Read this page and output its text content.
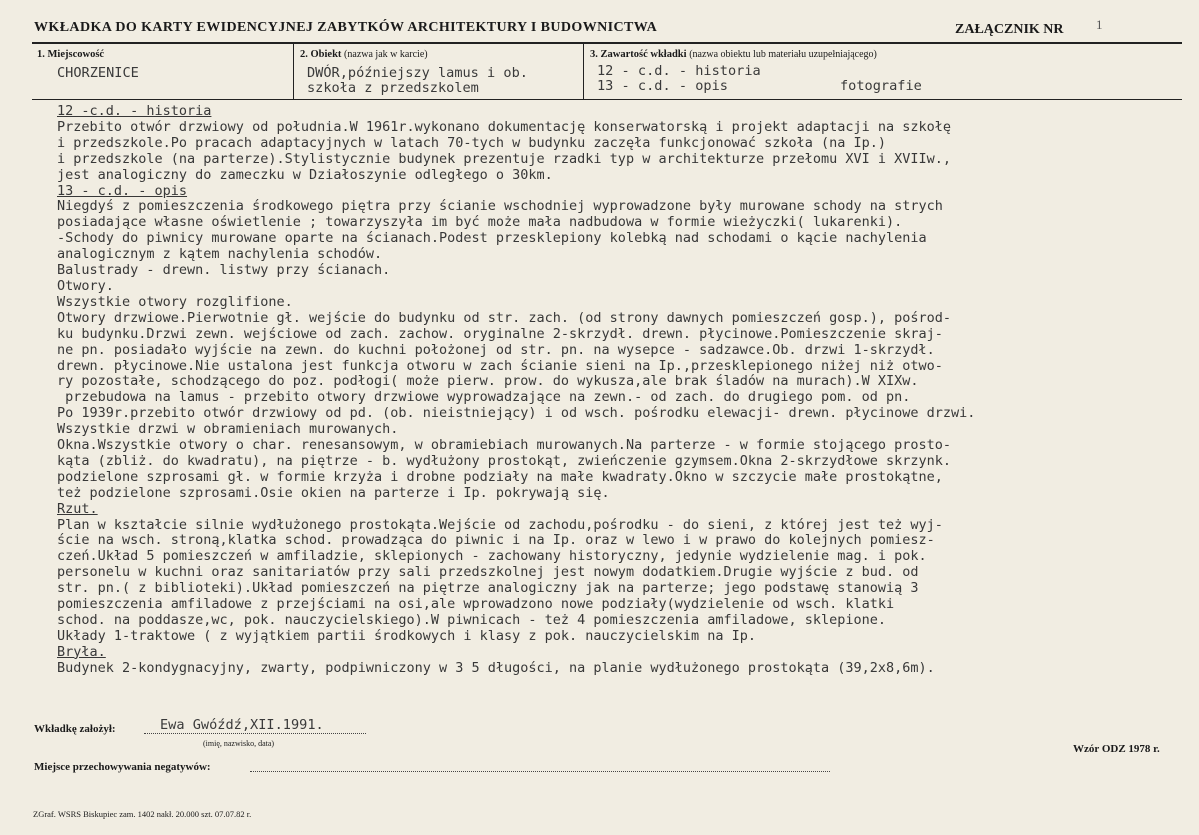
WKŁADKA DO KARTY EWIDENCYJNEJ ZABYTKÓW ARCHITEKTURY I BUDOWNICTWA	ZAŁĄCZNIK NR 1
1. Miejscowość
CHORZENICE
2. Obiekt (nazwa jak w karcie)
DWÓR,późniejszy lamus i ob.
szkoła z przedszkolem
3. Zawartość wkładki (nazwa obiektu lub materiału uzupełniającego)
12 - c.d. - historia
13 - c.d. - opis	fotografie
12 -c.d. - historia
Przebito otwór drzwiowy od południa.W 1961r.wykonano dokumentację konserwatorską i projekt adaptacji na szkołę
i przedszkole.Po pracach adaptacyjnych w latach 70-tych w budynku zaczęła funkcjonować szkoła (na Ip.)
i przedszkole (na parterze).Stylistycznie budynek prezentuje rzadki typ w architekturze przełomu XVI i XVIIw.,
jest analogiczny do zameczku w Działoszynie odległego o 30km.
13 - c.d. - opis
Niegdyś z pomieszczenia środkowego piętra przy ścianie wschodniej wyprowadzone były murowane schody na strych
posiadające własne oświetlenie ; towarzyszyła im być może mała nadbudowa w formie wieżyczki( lukarenki).
-Schody do piwnicy murowane oparte na ścianach.Podest przesklepiony kolebką nad schodami o kącie nachylenia
analogicznym z kątem nachylenia schodów.
Balustrady - drewn. listwy przy ścianach.
Otwory.
Wszystkie otwory rozglifione.
Otwory drzwiowe.Pierwotnie gł. wejście do budynku od str. zach. (od strony dawnych pomieszczeń gosp.), pośrod-
ku budynku.Drzwi zewn. wejściowe od zach. zachow. oryginalne 2-skrzydł. drewn. płycinowe.Pomieszczenie skraj-
ne pn. posiadało wyjście na zewn. do kuchni położonej od str. pn. na wysepce - sadzawce.Ob. drzwi 1-skrzydł.
drewn. płycinowe.Nie ustalona jest funkcja otworu w zach ścianie sieni na Ip.,przesklepionego niżej niż otwo-
ry pozostałe, schodzącego do poz. podłogi( może pierw. prow. do wykusza,ale brak śladów na murach).W XIXw.
przebudowa na lamus - przebito otwory drzwiowe wyprowadzające na zewn.- od zach. do drugiego pom. od pn.
Po 1939r.przebito otwór drzwiowy od pd. (ob. nieistniejący) i od wsch. pośrodku elewacji- drewn. płycinowe drzwi.
Wszystkie drzwi w obramieniach murowanych.
Okna.Wszystkie otwory o char. renesansowym, w obramiebiach murowanych.Na parterze - w formie stojącego prosto-
kąta (zbliż. do kwadratu), na piętrze - b. wydłużony prostokąt, zwieńczenie gzymsem.Okna 2-skrzydłowe skrzynk.
podzielone szprosami gł. w formie krzyża i drobne podziały na małe kwadraty.Okno w szczycie małe prostokątne,
też podzielone szprosami.Osie okien na parterze i Ip. pokrywają się.
Rzut.
Plan w kształcie silnie wydłużonego prostokąta.Wejście od zachodu,pośrodku - do sieni, z której jest też wyj-
ście na wsch. stroną,klatka schod. prowadząca do piwnic i na Ip. oraz w lewo i w prawo do kolejnych pomiesz-
czeń.Układ 5 pomieszczeń w amfiladzie, sklepionych - zachowany historyczny, jedynie wydzielenie mag. i pok.
personelu w kuchni oraz sanitariatów przy sali przedszkolnej jest nowym dodatkiem.Drugie wyjście z bud. od
str. pn.( z biblioteki).Układ pomieszczeń na piętrze analogiczny jak na parterze; jego podstawę stanowią 3
pomieszczenia amfiladowe z przejściami na osi,ale wprowadzono nowe podziały(wydzielenie od wsch. klatki
schod. na poddasze,wc, pok. nauczycielskiego).W piwnicach - też 4 pomieszczenia amfiladowe, sklepione.
Układy 1-traktowe ( z wyjątkiem partii środkowych i klasy z pok. nauczycielskim na Ip.
Bryła.
Budynek 2-kondygnacyjny, zwarty, podpiwniczony w 3 5 długości, na planie wydłużonego prostokąta (39,2x8,6m).
Wkładkę założył:	Ewa Gwóźdź,XII.1991.
(imię, nazwisko, data)	Wzór ODZ 1978 r.
Miejsce przechowywania negatywów:
ZGraf. WSRS Biskupiec zam. 1402 nakł. 20.000 szt. 07.07.82 r.
